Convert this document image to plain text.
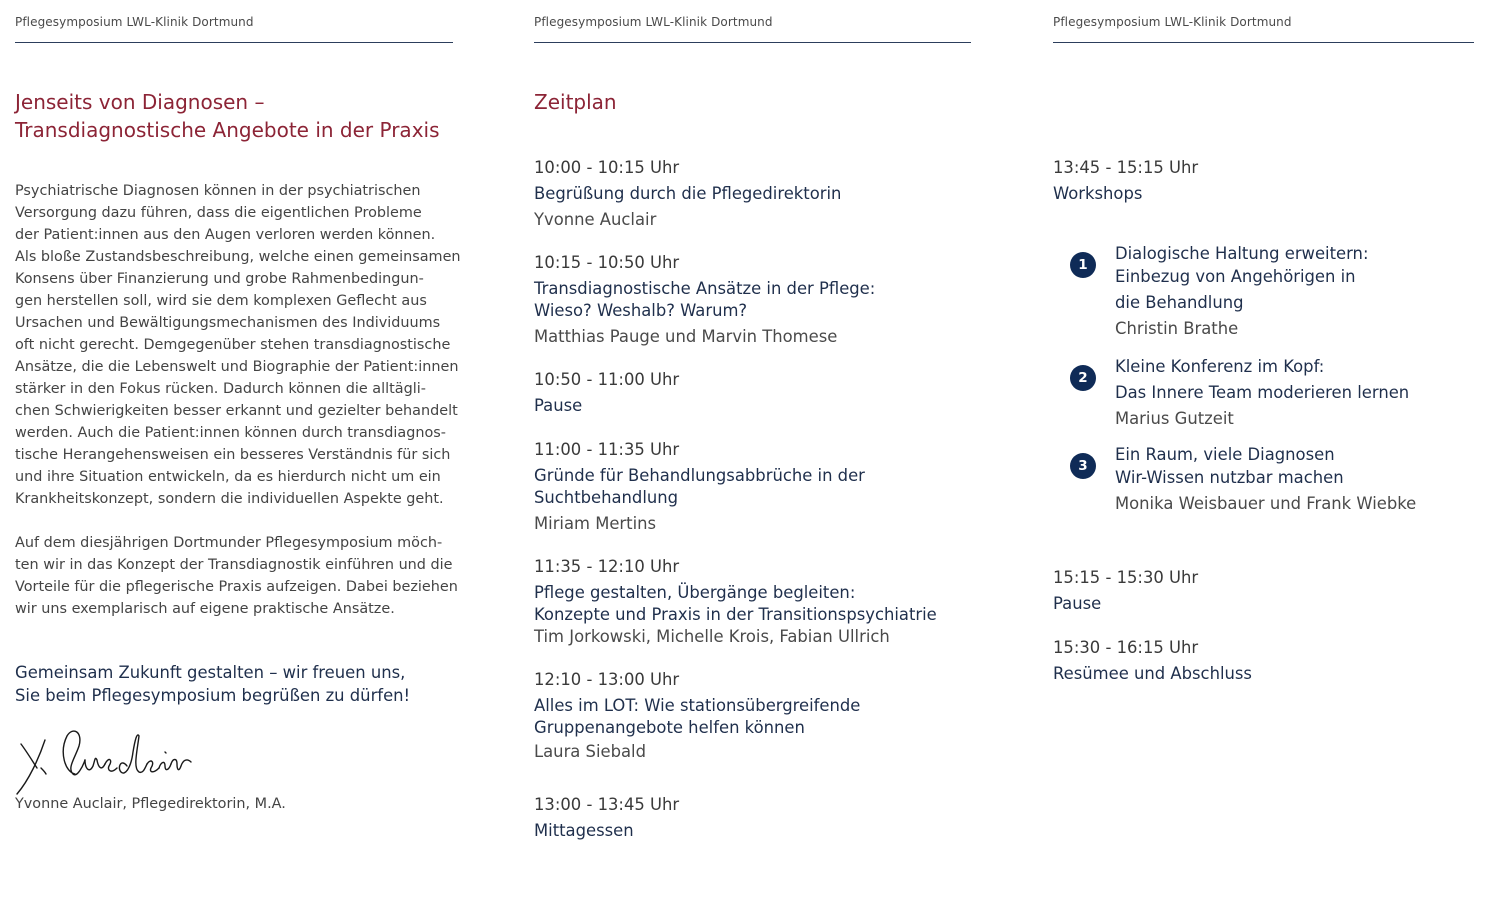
Pflegesymposium LWL-Klinik Dortmund
Jenseits von Diagnosen –
Transdiagnostische Angebote in der Praxis
Psychiatrische Diagnosen können in der psychiatrischen
Versorgung dazu führen, dass die eigentlichen Probleme
der Patient:innen aus den Augen verloren werden können.
Als bloße Zustandsbeschreibung, welche einen gemeinsamen
Konsens über Finanzierung und grobe Rahmenbedingun-
gen herstellen soll, wird sie dem komplexen Geflecht aus
Ursachen und Bewältigungsmechanismen des Individuums
oft nicht gerecht. Demgegenüber stehen transdiagnostische
Ansätze, die die Lebenswelt und Biographie der Patient:innen
stärker in den Fokus rücken. Dadurch können die alltägli-
chen Schwierigkeiten besser erkannt und gezielter behandelt
werden. Auch die Patient:innen können durch transdiagnos-
tische Herangehensweisen ein besseres Verständnis für sich
und ihre Situation entwickeln, da es hierdurch nicht um ein
Krankheitskonzept, sondern die individuellen Aspekte geht.
Auf dem diesjährigen Dortmunder Pflegesymposium möch-
ten wir in das Konzept der Transdiagnostik einführen und die
Vorteile für die pflegerische Praxis aufzeigen. Dabei beziehen
wir uns exemplarisch auf eigene praktische Ansätze.
Gemeinsam Zukunft gestalten – wir freuen uns,
Sie beim Pflegesymposium begrüßen zu dürfen!
Yvonne Auclair, Pflegedirektorin, M.A.
Pflegesymposium LWL-Klinik Dortmund
Zeitplan
10:00 - 10:15 Uhr
Begrüßung durch die Pflegedirektorin
Yvonne Auclair
10:15 - 10:50 Uhr
Transdiagnostische Ansätze in der Pflege:
Wieso? Weshalb? Warum?
Matthias Pauge und Marvin Thomese
10:50 - 11:00 Uhr
Pause
11:00 - 11:35 Uhr
Gründe für Behandlungsabbrüche in der
Suchtbehandlung
Miriam Mertins
11:35 - 12:10 Uhr
Pflege gestalten, Übergänge begleiten:
Konzepte und Praxis in der Transitionspsychiatrie
Tim Jorkowski, Michelle Krois, Fabian Ullrich
12:10 - 13:00 Uhr
Alles im LOT: Wie stationsübergreifende
Gruppenangebote helfen können
Laura Siebald
13:00 - 13:45 Uhr
Mittagessen
Pflegesymposium LWL-Klinik Dortmund
13:45 - 15:15 Uhr
Workshops
1
Dialogische Haltung erweitern:
Einbezug von Angehörigen in
die Behandlung
Christin Brathe
2
Kleine Konferenz im Kopf:
Das Innere Team moderieren lernen
Marius Gutzeit
3
Ein Raum, viele Diagnosen
Wir-Wissen nutzbar machen
Monika Weisbauer und Frank Wiebke
15:15 - 15:30 Uhr
Pause
15:30 - 16:15 Uhr
Resümee und Abschluss
